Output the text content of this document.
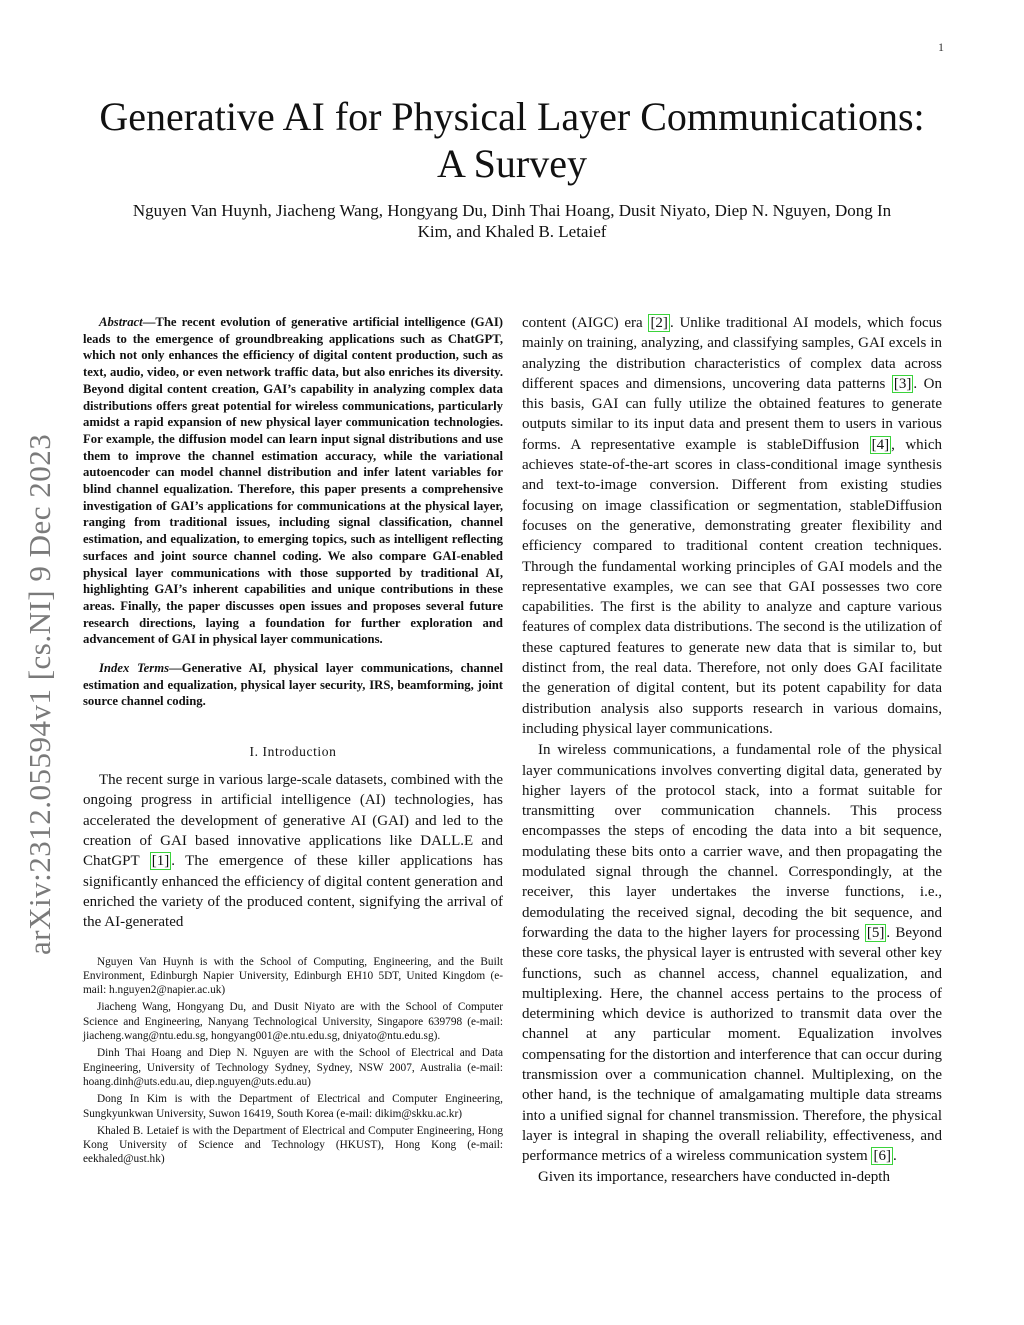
1
arXiv:2312.05594v1 [cs.NI] 9 Dec 2023
Generative AI for Physical Layer Communications:
A Survey
Nguyen Van Huynh, Jiacheng Wang, Hongyang Du, Dinh Thai Hoang, Dusit Niyato, Diep N. Nguyen, Dong In
Kim, and Khaled B. Letaief

Abstract—The recent evolution of generative artificial intelligence (GAI) leads to the emergence of groundbreaking applications such as ChatGPT, which not only enhances the efficiency of digital content production, such as text, audio, video, or even network traffic data, but also enriches its diversity. Beyond digital content creation, GAI’s capability in analyzing complex data distributions offers great potential for wireless communications, particularly amidst a rapid expansion of new physical layer communication technologies. For example, the diffusion model can learn input signal distributions and use them to improve the channel estimation accuracy, while the variational autoencoder can model channel distribution and infer latent variables for blind channel equalization. Therefore, this paper presents a comprehensive investigation of GAI’s applications for communications at the physical layer, ranging from traditional issues, including signal classification, channel estimation, and equalization, to emerging topics, such as intelligent reflecting surfaces and joint source channel coding. We also compare GAI-enabled physical layer communications with those supported by traditional AI, highlighting GAI’s inherent capabilities and unique contributions in these areas. Finally, the paper discusses open issues and proposes several future research directions, laying a foundation for further exploration and advancement of GAI in physical layer communications.

Index Terms—Generative AI, physical layer communications, channel estimation and equalization, physical layer security, IRS, beamforming, joint source channel coding.

I. Introduction

The recent surge in various large-scale datasets, combined with the ongoing progress in artificial intelligence (AI) technologies, has accelerated the development of generative AI (GAI) and led to the creation of GAI based innovative applications like DALL.E and ChatGPT [1] . The emergence of these killer applications has significantly enhanced the efficiency of digital content generation and enriched the variety of the produced content, signifying the arrival of the AI-generated

Nguyen Van Huynh is with the School of Computing, Engineering, and the Built Environment, Edinburgh Napier University, Edinburgh EH10 5DT, United Kingdom (e-mail: h.nguyen2@napier.ac.uk)

Jiacheng Wang, Hongyang Du, and Dusit Niyato are with the School of Computer Science and Engineering, Nanyang Technological University, Singapore 639798 (e-mail: jiacheng.wang@ntu.edu.sg, hongyang001@e.ntu.edu.sg, dniyato@ntu.edu.sg).

Dinh Thai Hoang and Diep N. Nguyen are with the School of Electrical and Data Engineering, University of Technology Sydney, Sydney, NSW 2007, Australia (e-mail: hoang.dinh@uts.edu.au, diep.nguyen@uts.edu.au)

Dong In Kim is with the Department of Electrical and Computer Engineering, Sungkyunkwan University, Suwon 16419, South Korea (e-mail: dikim@skku.ac.kr)

Khaled B. Letaief is with the Department of Electrical and Computer Engineering, Hong Kong University of Science and Technology (HKUST), Hong Kong (e-mail: eekhaled@ust.hk)

content (AIGC) era [2] . Unlike traditional AI models, which focus mainly on training, analyzing, and classifying samples, GAI excels in analyzing the distribution characteristics of complex data across different spaces and dimensions, uncovering data patterns [3] . On this basis, GAI can fully utilize the obtained features to generate outputs similar to its input data and present them to users in various forms. A representative example is stableDiffusion [4] , which achieves state-of-the-art scores in class-conditional image synthesis and text-to-image conversion. Different from existing studies focusing on image classification or segmentation, stableDiffusion focuses on the generative, demonstrating greater flexibility and efficiency compared to traditional content creation techniques. Through the fundamental working principles of GAI models and the representative examples, we can see that GAI possesses two core capabilities. The first is the ability to analyze and capture various features of complex data distributions. The second is the utilization of these captured features to generate new data that is similar to, but distinct from, the real data. Therefore, not only does GAI facilitate the generation of digital content, but its potent capability for data distribution analysis also supports research in various domains, including physical layer communications.

In wireless communications, a fundamental role of the physical layer communications involves converting digital data, generated by higher layers of the protocol stack, into a format suitable for transmitting over communication channels. This process encompasses the steps of encoding the data into a bit sequence, modulating these bits onto a carrier wave, and then propagating the modulated signal through the channel. Correspondingly, at the receiver, this layer undertakes the inverse functions, i.e., demodulating the received signal, decoding the bit sequence, and forwarding the data to the higher layers for processing [5] . Beyond these core tasks, the physical layer is entrusted with several other key functions, such as channel access, channel equalization, and multiplexing. Here, the channel access pertains to the process of determining which device is authorized to transmit data over the channel at any particular moment. Equalization involves compensating for the distortion and interference that can occur during transmission over a communication channel. Multiplexing, on the other hand, is the technique of amalgamating multiple data streams into a unified signal for channel transmission. Therefore, the physical layer is integral in shaping the overall reliability, effectiveness, and performance metrics of a wireless communication system [6] .

Given its importance, researchers have conducted in-depth
